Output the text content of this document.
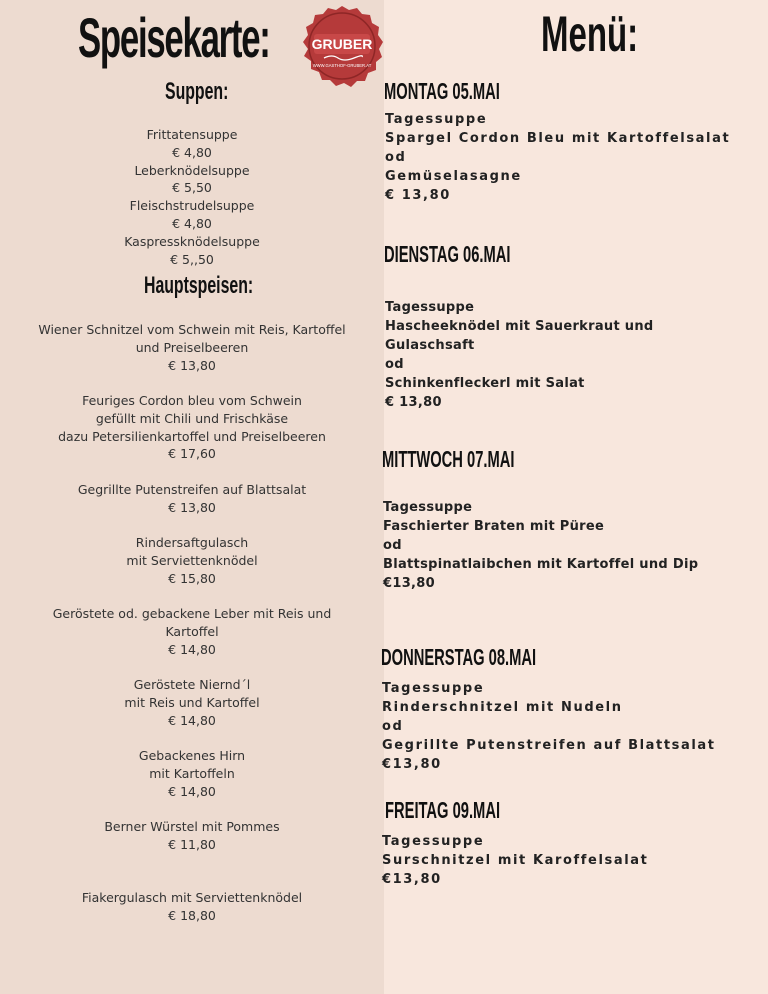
Speisekarte:	GRUBER
WWW.GASTHOF-GRUBER.AT
Suppen:
Frittatensuppe
€ 4,80
Leberknödelsuppe
€ 5,50
Fleischstrudelsuppe
€ 4,80
Kaspressknödelsuppe
€ 5,,50
Hauptspeisen:
Wiener Schnitzel vom Schwein mit Reis, Kartoffel
und Preiselbeeren
€ 13,80
Feuriges Cordon bleu vom Schwein
gefüllt mit Chili und Frischkäse
dazu Petersilienkartoffel und Preiselbeeren
€ 17,60
Gegrillte Putenstreifen auf Blattsalat
€ 13,80
Rindersaftgulasch
mit Serviettenknödel
€ 15,80
Geröstete od. gebackene Leber mit Reis und
Kartoffel
€ 14,80
Geröstete Niernd´l
mit Reis und Kartoffel
€ 14,80
Gebackenes Hirn
mit Kartoffeln
€ 14,80
Berner Würstel mit Pommes
€ 11,80
Fiakergulasch mit Serviettenknödel
€ 18,80
Menü:
MONTAG 05.MAI
Tagessuppe
Spargel Cordon Bleu mit Kartoffelsalat
od
Gemüselasagne
€ 13,80
DIENSTAG 06.MAI
Tagessuppe
Hascheeknödel mit Sauerkraut und
Gulaschsaft
od
Schinkenfleckerl mit Salat
€ 13,80
MITTWOCH 07.MAI
Tagessuppe
Faschierter Braten mit Püree
od
Blattspinatlaibchen mit Kartoffel und Dip
€13,80
DONNERSTAG 08.MAI
Tagessuppe
Rinderschnitzel mit Nudeln
od
Gegrillte Putenstreifen auf Blattsalat
€13,80
FREITAG 09.MAI
Tagessuppe
Surschnitzel mit Karoffelsalat
€13,80
